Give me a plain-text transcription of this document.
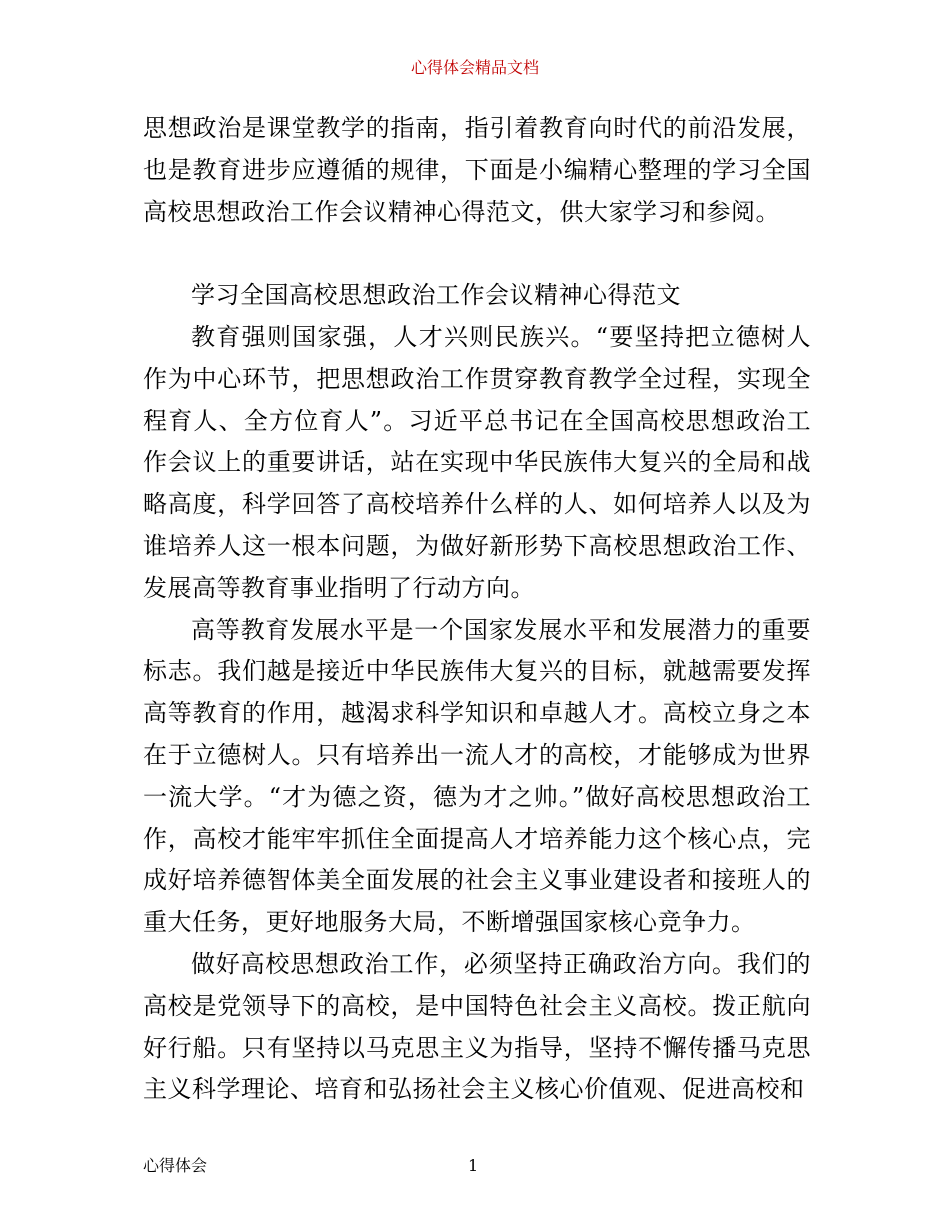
心得体会精品文档

思想政治是课堂教学的指南，指引着教育向时代的前沿发展，也是教育进步应遵循的规律，下面是小编精心整理的学习全国高校思想政治工作会议精神心得范文，供大家学习和参阅。

学习全国高校思想政治工作会议精神心得范文

教育强则国家强，人才兴则民族兴。“要坚持把立德树人作为中心环节，把思想政治工作贯穿教育教学全过程，实现全程育人、全方位育人”。习近平总书记在全国高校思想政治工作会议上的重要讲话，站在实现中华民族伟大复兴的全局和战略高度，科学回答了高校培养什么样的人、如何培养人以及为谁培养人这一根本问题，为做好新形势下高校思想政治工作、发展高等教育事业指明了行动方向。

高等教育发展水平是一个国家发展水平和发展潜力的重要标志。我们越是接近中华民族伟大复兴的目标，就越需要发挥高等教育的作用，越渴求科学知识和卓越人才。高校立身之本在于立德树人。只有培养出一流人才的高校，才能够成为世界一流大学。“才为德之资，德为才之帅。”做好高校思想政治工作，高校才能牢牢抓住全面提高人才培养能力这个核心点，完成好培养德智体美全面发展的社会主义事业建设者和接班人的重大任务，更好地服务大局，不断增强国家核心竞争力。

做好高校思想政治工作，必须坚持正确政治方向。我们的高校是党领导下的高校，是中国特色社会主义高校。拨正航向好行船。只有坚持以马克思主义为指导，坚持不懈传播马克思主义科学理论、培育和弘扬社会主义核心价值观、促进高校和

心得体会	1
